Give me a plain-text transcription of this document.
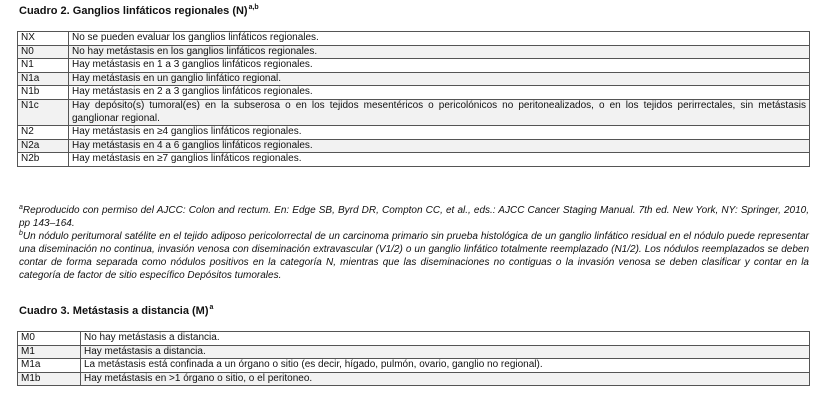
Cuadro 2. Ganglios linfáticos regionales $(N)^{a,b}$
NX	No se pueden evaluar los ganglios linfáticos regionales.
N0	No hay metástasis en los ganglios linfáticos regionales.
N1	Hay metástasis en 1 a 3 ganglios linfáticos regionales.
N1a	Hay metástasis en un ganglio linfático regional.
N1b	Hay metástasis en 2 a 3 ganglios linfáticos regionales.
N1c	Hay depósito(s) tumoral(es) en la subserosa o en los tejidos mesentéricos o pericolónicos no peritonealizados, o en los tejidos perirrectales, sin metástasis ganglionar regional.
N2	Hay metástasis en ≥4 ganglios linfáticos regionales.
N2a	Hay metástasis en 4 a 6 ganglios linfáticos regionales.
N2b	Hay metástasis en ≥7 ganglios linfáticos regionales.

$^a$Reproducido con permiso del AJCC: Colon and rectum. En: Edge SB, Byrd DR, Compton CC, et al., eds.: AJCC Cancer Staging Manual. 7th ed. New York, NY: Springer, 2010, pp 143–164.

$^b$Un nódulo peritumoral satélite en el tejido adiposo pericolorrectal de un carcinoma primario sin prueba histológica de un ganglio linfático residual en el nódulo puede representar una diseminación no continua, invasión venosa con diseminación extravascular (V1/2) o un ganglio linfático totalmente reemplazado (N1/2). Los nódulos reemplazados se deben contar de forma separada como nódulos positivos en la categoría N, mientras que las diseminaciones no contiguas o la invasión venosa se deben clasificar y contar en la categoría de factor de sitio específico Depósitos tumorales.

Cuadro 3. Metástasis a distancia $(M)^a$
M0	No hay metástasis a distancia.
M1	Hay metástasis a distancia.
M1a	La metástasis está confinada a un órgano o sitio (es decir, hígado, pulmón, ovario, ganglio no regional).
M1b	Hay metástasis en >1 órgano o sitio, o el peritoneo.
